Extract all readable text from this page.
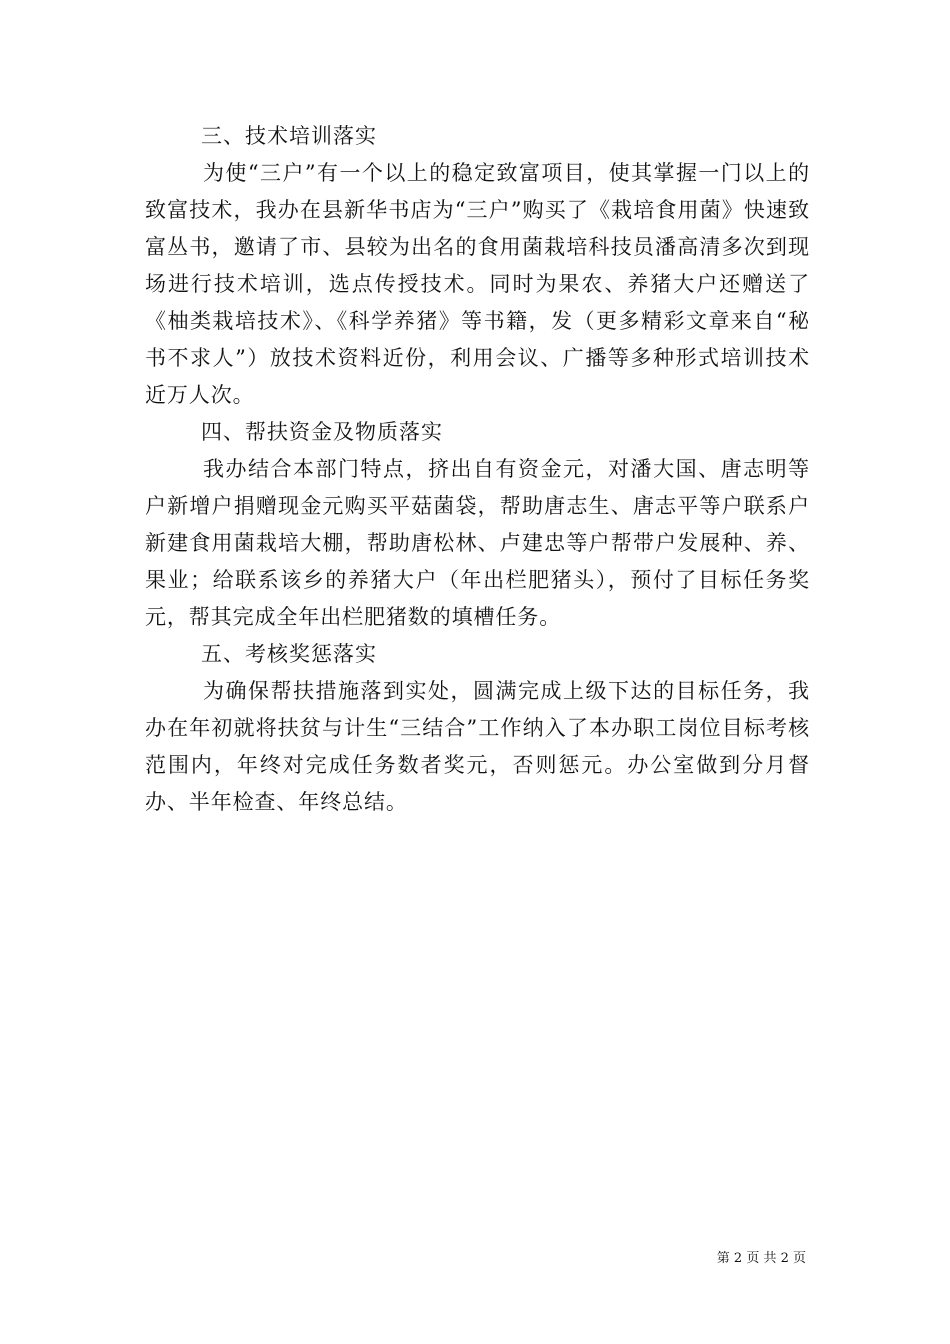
三、技术培训落实

为使“三户”有一个以上的稳定致富项目，使其掌握一门以上的致富技术，我办在县新华书店为“三户”购买了《栽培食用菌》快速致富丛书，邀请了市、县较为出名的食用菌栽培科技员潘高清多次到现场进行技术培训，选点传授技术。同时为果农、养猪大户还赠送了《柚类栽培技术》、《科学养猪》等书籍，发（更多精彩文章来自“秘书不求人”）放技术资料近份，利用会议、广播等多种形式培训技术近万人次。

四、帮扶资金及物质落实

我办结合本部门特点，挤出自有资金元，对潘大国、唐志明等户新增户捐赠现金元购买平菇菌袋，帮助唐志生、唐志平等户联系户新建食用菌栽培大棚，帮助唐松林、卢建忠等户帮带户发展种、养、果业；给联系该乡的养猪大户（年出栏肥猪头），预付了目标任务奖元，帮其完成全年出栏肥猪数的填槽任务。

五、考核奖惩落实

为确保帮扶措施落到实处，圆满完成上级下达的目标任务，我办在年初就将扶贫与计生“三结合”工作纳入了本办职工岗位目标考核范围内，年终对完成任务数者奖元，否则惩元。办公室做到分月督办、半年检查、年终总结。

第 2 页 共 2 页
